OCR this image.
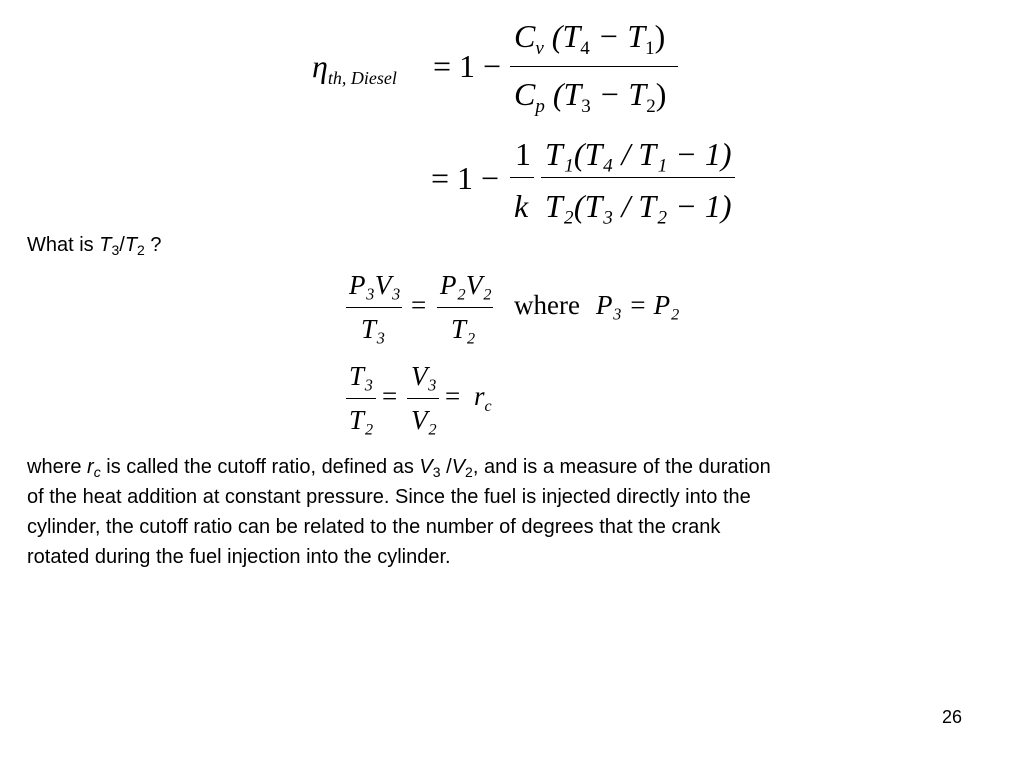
$\eta_{th, Diesel} = 1$ −
$C_v$ $(T_4 - T_1)$
$C_p$ $(T_3 - T_2)$
= 1 −
1
k
T₁(T₄ / T₁ − 1)
T₂(T₃ / T₂ − 1)
What is $T_3/T_2$ ?
P₃V₃
T₃
=
P₂V₂
T₂
where P₃ = P₂
T₃
T₂
=
V₃
V₂
= $r_c$
where $r_c$ is called the cutoff ratio, defined as $V_3$ $/V_2$, and is a measure of the duration
of the heat addition at constant pressure. Since the fuel is injected directly into the
cylinder, the cutoff ratio can be related to the number of degrees that the crank
rotated during the fuel injection into the cylinder.
26
